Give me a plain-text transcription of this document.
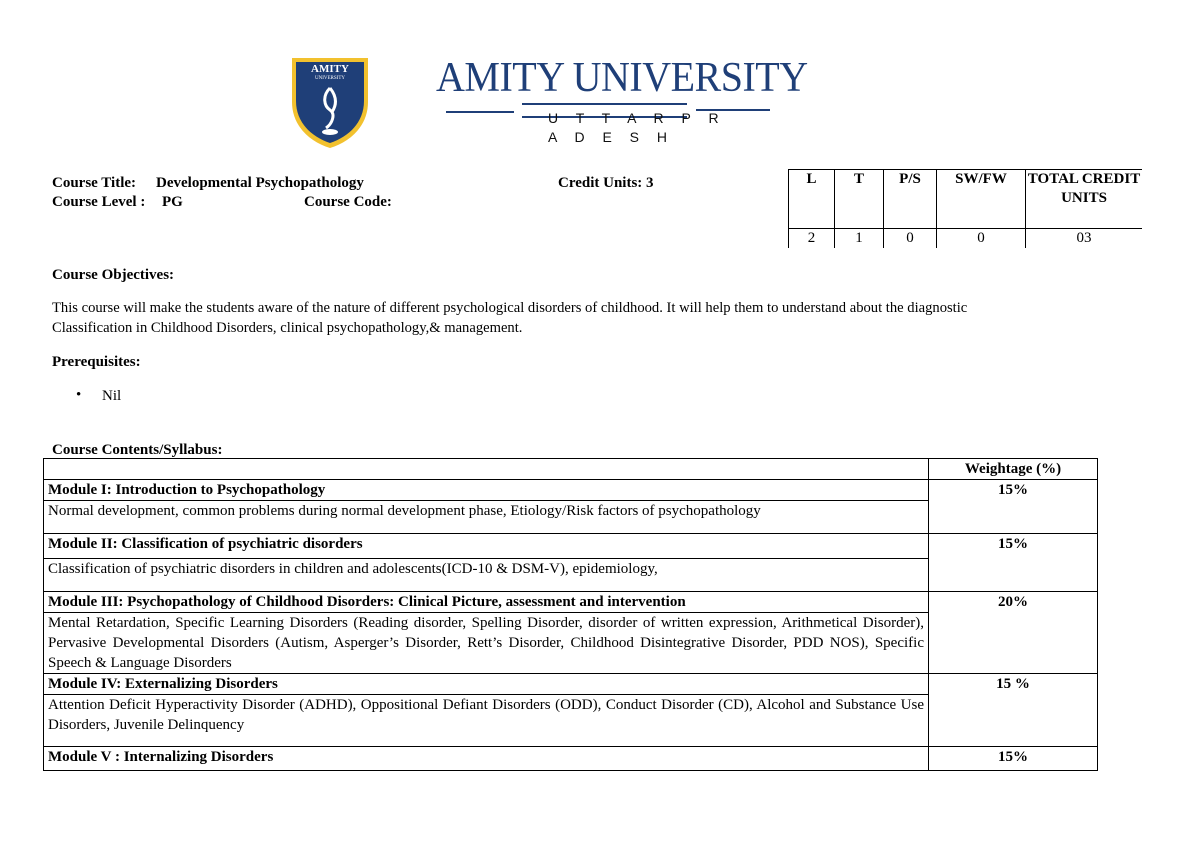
AMITY
UNIVERSITY AMITY UNIVERSITY
U T T A R P R
A D E S H
Course Title: Developmental Psychopathology	Credit Units: 3
Course Level : PG	Course Code:
L	T	P/S	SW/FW	TOTAL CREDIT UNITS
2	1	0	0	03
Course Objectives:
This course will make the students aware of the nature of different psychological disorders of childhood. It will help them to understand about the diagnostic
Classification in Childhood Disorders, clinical psychopathology,& management.
Prerequisites:
• Nil
Course Contents/Syllabus:
	Weightage (%)

Module I: Introduction to Psychopathology
Normal development, common problems during normal development phase, Etiology/Risk factors of psychopathology	15%

Module II: Classification of psychiatric disorders
Classification of psychiatric disorders in children and adolescents(ICD-10 & DSM-V), epidemiology,	15%

Module III: Psychopathology of Childhood Disorders: Clinical Picture, assessment and intervention
Mental Retardation, Specific Learning Disorders (Reading disorder, Spelling Disorder, disorder of written expression, Arithmetical Disorder), Pervasive Developmental Disorders (Autism, Asperger’s Disorder, Rett’s Disorder, Childhood Disintegrative Disorder, PDD NOS), Specific Speech & Language Disorders	20%

Module IV: Externalizing Disorders
Attention Deficit Hyperactivity Disorder (ADHD), Oppositional Defiant Disorders (ODD), Conduct Disorder (CD), Alcohol and Substance Use Disorders, Juvenile Delinquency	15 %

Module V : Internalizing Disorders	15%
